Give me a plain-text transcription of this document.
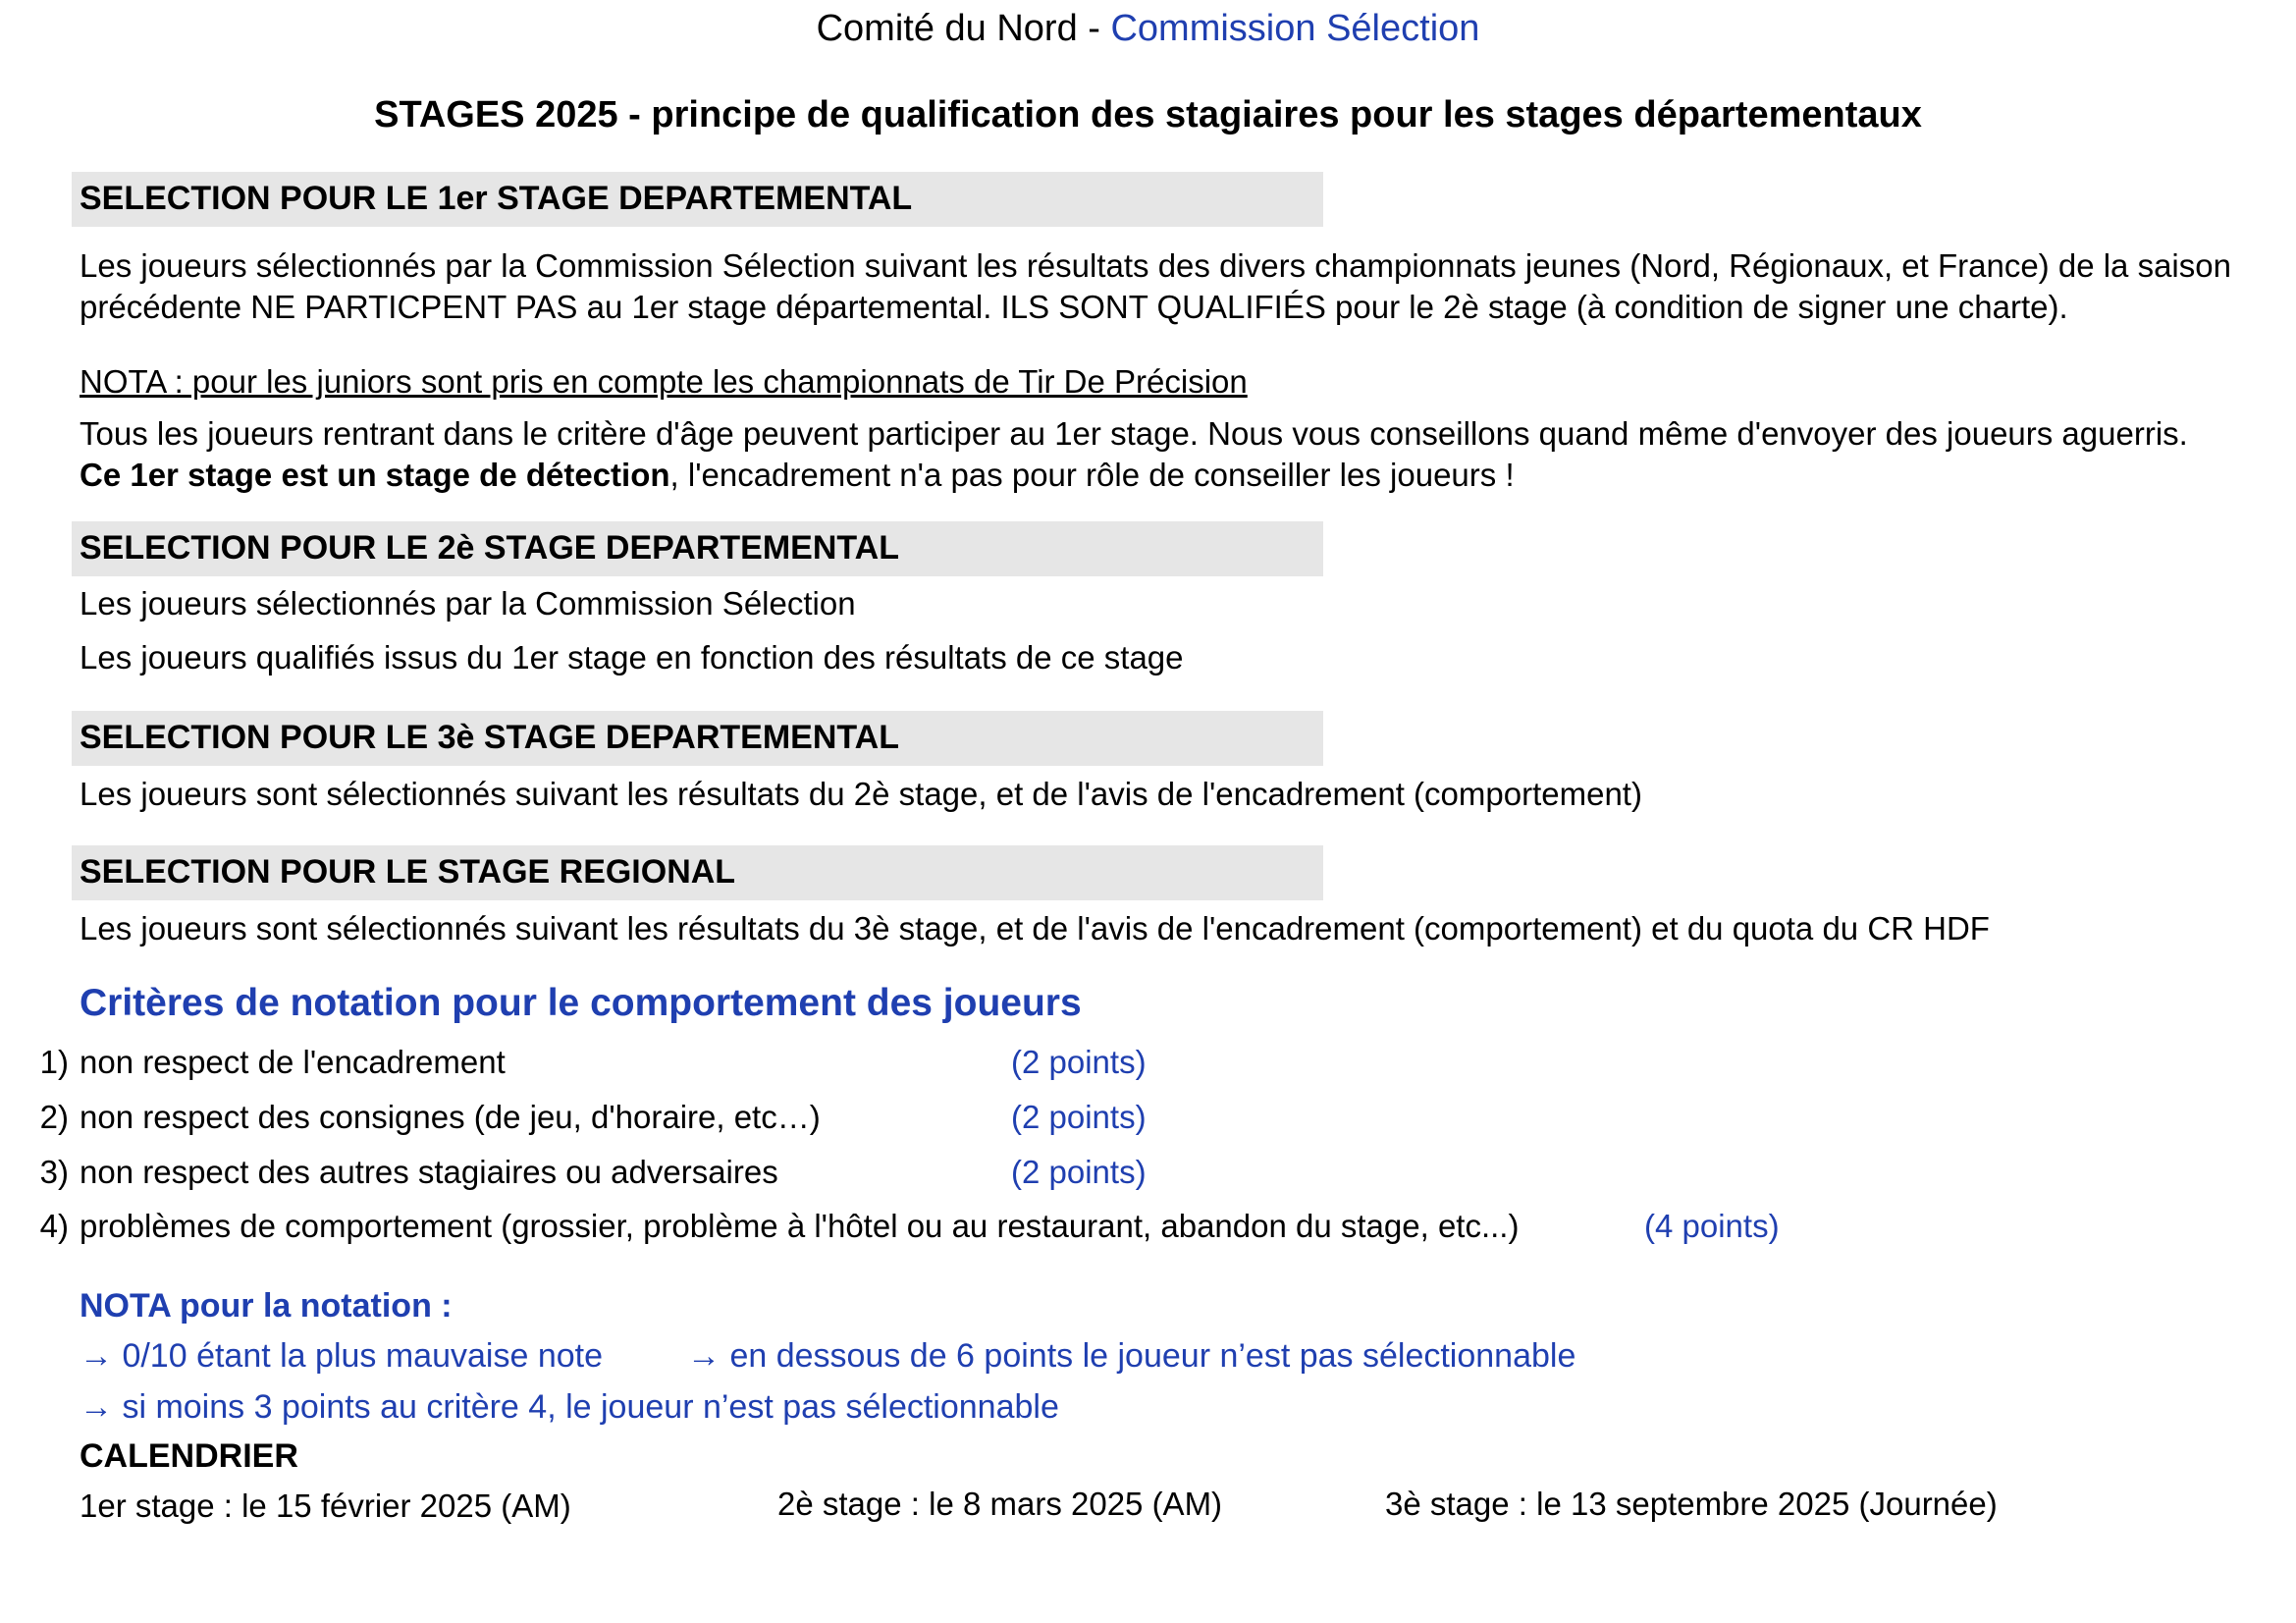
Comité du Nord - Commission Sélection
STAGES 2025 - principe de qualification des stagiaires pour les stages départementaux
SELECTION POUR LE 1er STAGE DEPARTEMENTAL
Les joueurs sélectionnés par la Commission Sélection suivant les résultats des divers championnats jeunes (Nord, Régionaux, et France) de la saison
précédente NE PARTICPENT PAS au 1er stage départemental. ILS SONT QUALIFIÉS pour le 2è stage (à condition de signer une charte).
NOTA : pour les juniors sont pris en compte les championnats de Tir De Précision
Tous les joueurs rentrant dans le critère d'âge peuvent participer au 1er stage. Nous vous conseillons quand même d'envoyer des joueurs aguerris.
Ce 1er stage est un stage de détection, l'encadrement n'a pas pour rôle de conseiller les joueurs !
SELECTION POUR LE 2è STAGE DEPARTEMENTAL
Les joueurs sélectionnés par la Commission Sélection
Les joueurs qualifiés issus du 1er stage en fonction des résultats de ce stage
SELECTION POUR LE 3è STAGE DEPARTEMENTAL
Les joueurs sont sélectionnés suivant les résultats du 2è stage, et de l'avis de l'encadrement (comportement)
SELECTION POUR LE STAGE REGIONAL
Les joueurs sont sélectionnés suivant les résultats du 3è stage, et de l'avis de l'encadrement (comportement) et du quota du CR HDF
Critères de notation pour le comportement des joueurs
1) non respect de l'encadrement	(2 points)
2) non respect des consignes (de jeu, d'horaire, etc…)	(2 points)
3) non respect des autres stagiaires ou adversaires	(2 points)
4) problèmes de comportement (grossier, problème à l'hôtel ou au restaurant, abandon du stage, etc...)	(4 points)
NOTA pour la notation :
→ 0/10 étant la plus mauvaise note	→ en dessous de 6 points le joueur n’est pas sélectionnable
→ si moins 3 points au critère 4, le joueur n’est pas sélectionnable
CALENDRIER
1er stage : le 15 février 2025 (AM)	2è stage : le 8 mars 2025 (AM)	3è stage : le 13 septembre 2025 (Journée)
